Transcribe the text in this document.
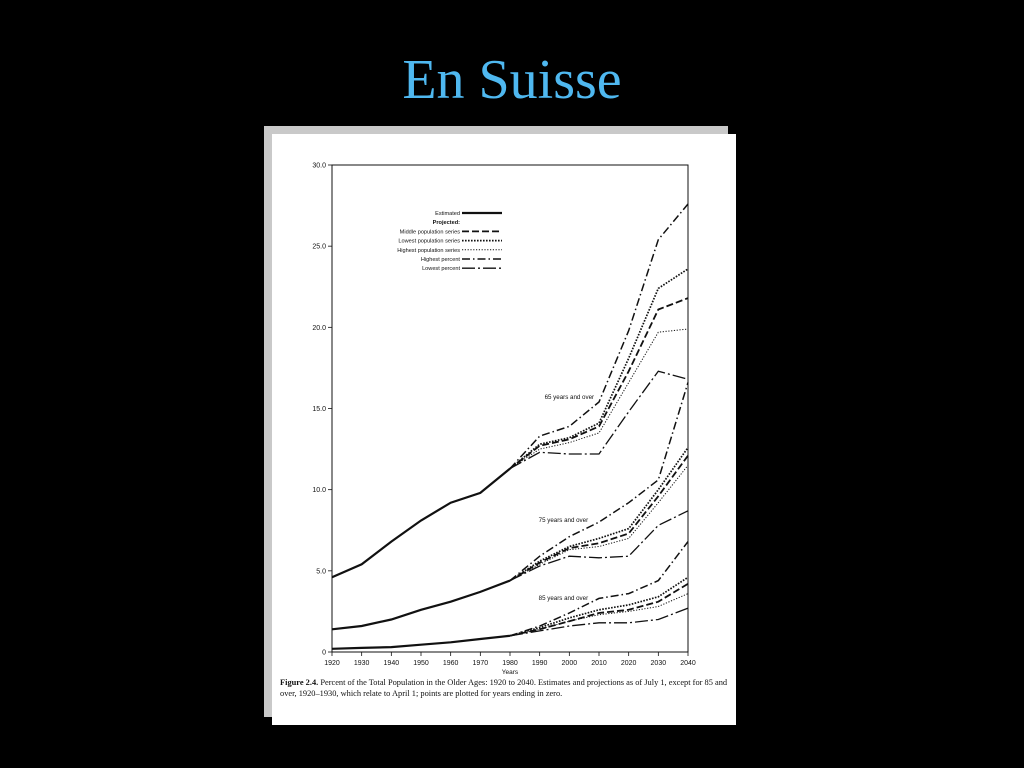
En Suisse
1920 1930 1940 1950 1960 1970 1980 1990 2000 2010 2020 2030 2040
0
5.0
10.0
15.0
20.0
25.0
30.0
Years
65 years and over
75 years and over
85 years and over
Estimated
Projected:
Middle population series
Lowest population series
Highest population series
Highest percent
Lowest percent
Figure 2.4. Percent of the Total Population in the Older Ages: 1920 to 2040. Estimates and projections as of July 1, except for 85 and over, 1920–1930, which relate to April 1; points are plotted for years ending in zero.
